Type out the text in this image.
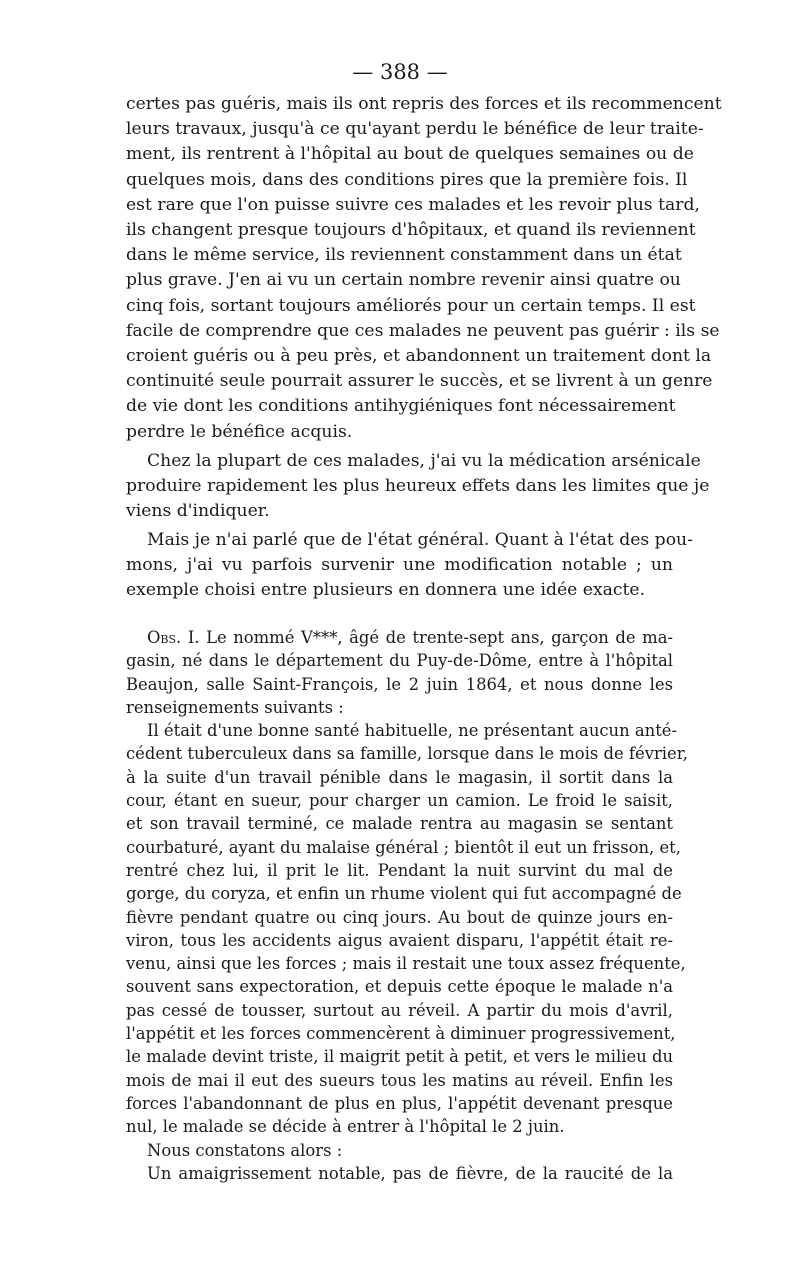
— 388 —
certes pas guéris, mais ils ont repris des forces et ils recommencent
leurs travaux, jusqu'à ce qu'ayant perdu le bénéfice de leur traite-
ment, ils rentrent à l'hôpital au bout de quelques semaines ou de
quelques mois, dans des conditions pires que la première fois. Il
est rare que l'on puisse suivre ces malades et les revoir plus tard,
ils changent presque toujours d'hôpitaux, et quand ils reviennent
dans le même service, ils reviennent constamment dans un état
plus grave. J'en ai vu un certain nombre revenir ainsi quatre ou
cinq fois, sortant toujours améliorés pour un certain temps. Il est
facile de comprendre que ces malades ne peuvent pas guérir : ils se
croient guéris ou à peu près, et abandonnent un traitement dont la
continuité seule pourrait assurer le succès, et se livrent à un genre
de vie dont les conditions antihygiéniques font nécessairement
perdre le bénéfice acquis.
Chez la plupart de ces malades, j'ai vu la médication arsénicale
produire rapidement les plus heureux effets dans les limites que je
viens d'indiquer.
Mais je n'ai parlé que de l'état général. Quant à l'état des pou-
mons, j'ai vu parfois survenir une modification notable ; un
exemple choisi entre plusieurs en donnera une idée exacte.
Obs. I. Le nommé V***, âgé de trente-sept ans, garçon de ma-
gasin, né dans le département du Puy-de-Dôme, entre à l'hôpital
Beaujon, salle Saint-François, le 2 juin 1864, et nous donne les
renseignements suivants :
Il était d'une bonne santé habituelle, ne présentant aucun anté-
cédent tuberculeux dans sa famille, lorsque dans le mois de février,
à la suite d'un travail pénible dans le magasin, il sortit dans la
cour, étant en sueur, pour charger un camion. Le froid le saisit,
et son travail terminé, ce malade rentra au magasin se sentant
courbaturé, ayant du malaise général ; bientôt il eut un frisson, et,
rentré chez lui, il prit le lit. Pendant la nuit survint du mal de
gorge, du coryza, et enfin un rhume violent qui fut accompagné de
fièvre pendant quatre ou cinq jours. Au bout de quinze jours en-
viron, tous les accidents aigus avaient disparu, l'appétit était re-
venu, ainsi que les forces ; mais il restait une toux assez fréquente,
souvent sans expectoration, et depuis cette époque le malade n'a
pas cessé de tousser, surtout au réveil. A partir du mois d'avril,
l'appétit et les forces commencèrent à diminuer progressivement,
le malade devint triste, il maigrit petit à petit, et vers le milieu du
mois de mai il eut des sueurs tous les matins au réveil. Enfin les
forces l'abandonnant de plus en plus, l'appétit devenant presque
nul, le malade se décide à entrer à l'hôpital le 2 juin.
Nous constatons alors :
Un amaigrissement notable, pas de fièvre, de la raucité de la
